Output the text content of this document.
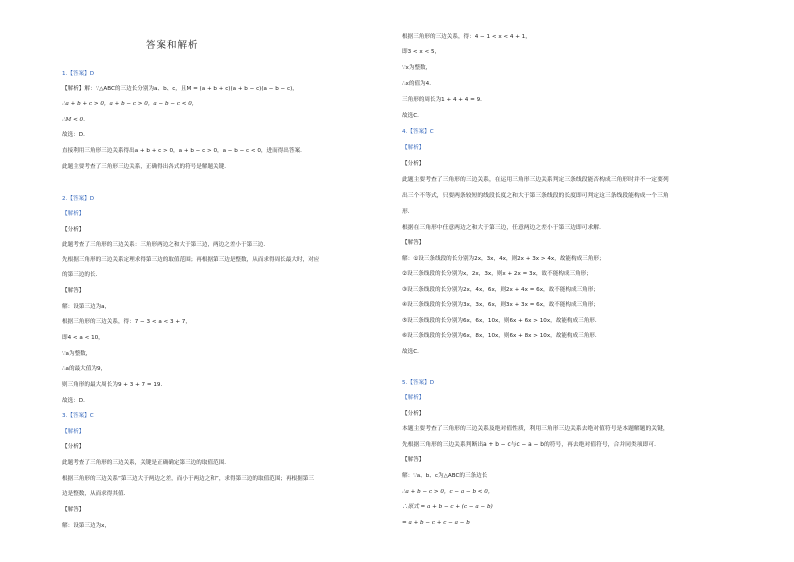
答案和解析
1.【答案】D
【解析】解：∵△ABC的三边长分别为a、b、c，且M = (a + b + c)(a + b − c)(a − b − c)，
∴a + b + c > 0，a + b − c > 0，a − b − c < 0，
∴M < 0．
故选：D．
直接利用三角形三边关系得出a + b + c > 0，a + b − c > 0，a − b − c < 0，进而得出答案．
此题主要考查了三角形三边关系，正确得出各式的符号是解题关键．
2.【答案】D
【解析】
【分析】
此题考查了三角形的三边关系：三角形两边之和大于第三边，两边之差小于第三边．
先根据三角形的三边关系定理求得第三边的取值范围；再根据第三边是整数，从而求得周长最大时，对应
的第三边的长．
【解答】
解：设第三边为a，
根据三角形的三边关系，得：7 − 3 < a < 3 + 7，
即4 < a < 10，
∵a为整数，
∴a的最大值为9，
则三角形的最大周长为9 + 3 + 7 = 19．
故选：D．
3.【答案】C
【解析】
【分析】
此题考查了三角形的三边关系，关键是正确确定第三边的取值范围．
根据三角形的三边关系“第三边大于两边之差，而小于两边之和”，求得第三边的取值范围；再根据第三
边是整数，从而求得其值．
【解答】
解：设第三边为x，
根据三角形的三边关系，得：4 − 1 < x < 4 + 1，
即3 < x < 5，
∵x为整数，
∴x的值为4．
三角形的周长为1 + 4 + 4 = 9．
故选C．
4.【答案】C
【解析】
【分析】
此题主要考查了三角形的三边关系，在运用三角形三边关系判定三条线段能否构成三角形时并不一定要列
出三个不等式，只要两条较短的线段长度之和大于第三条线段的长度即可判定这三条线段能构成一个三角
形．
根据在三角形中任意两边之和大于第三边，任意两边之差小于第三边即可求解．
【解答】
解：①设三条线段的长分别为2x，3x，4x，则2x + 3x > 4x，故能构成三角形；
②设三条线段的长分别为x，2x，3x，则x + 2x = 3x，故不能构成三角形；
③设三条线段的长分别为2x，4x，6x，则2x + 4x = 6x，故不能构成三角形；
④设三条线段的长分别为3x，3x，6x，则3x + 3x = 6x，故不能构成三角形；
⑤设三条线段的长分别为6x，6x，10x，则6x + 6x > 10x，故能构成三角形．
⑥设三条线段的长分别为6x，8x，10x，则6x + 8x > 10x，故能构成三角形．
故选C．
5.【答案】D
【解析】
【分析】
本题主要考查了三角形的三边关系及绝对值性质，利用三角形三边关系去绝对值符号是本题解题的关键，
先根据三角形的三边关系判断出a + b − c与c − a − b的符号，再去绝对值符号，合并同类项即可．
【解答】
解：∵a、b、c为△ABC的三条边长
∴a + b − c > 0，c − a − b < 0，
∴原式 = a + b − c + (c − a − b)
= a + b − c + c − a − b
